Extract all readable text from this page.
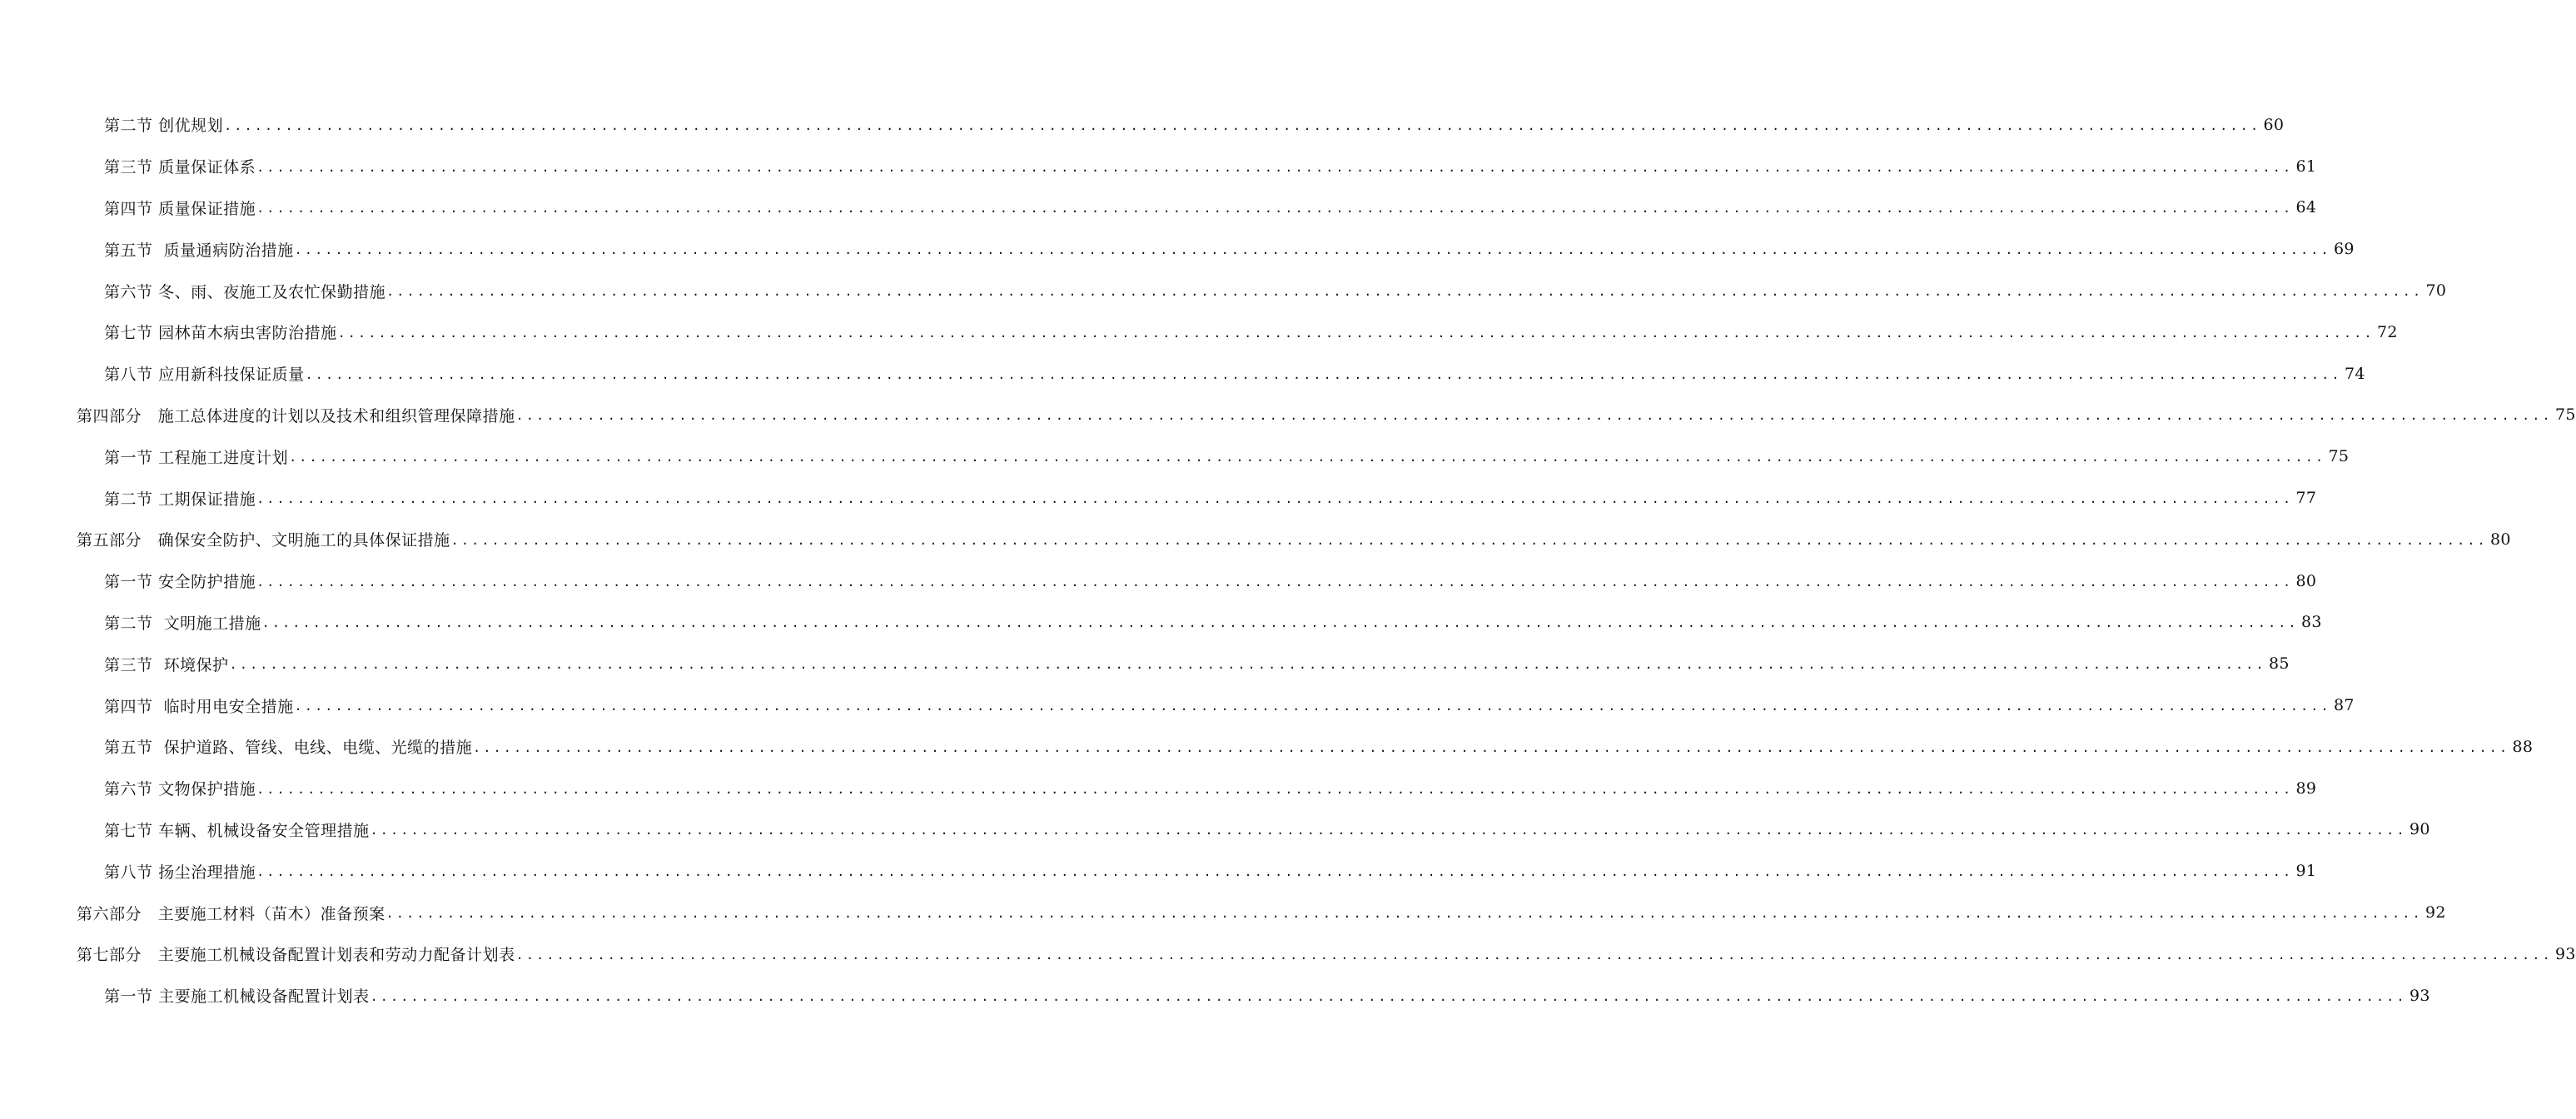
第二节 创优规划 ........................................................................................................................................................................................................ 60
第三节 质量保证体系 ........................................................................................................................................................................................................ 61
第四节 质量保证措施 ........................................................................................................................................................................................................ 64
第五节  质量通病防治措施 ........................................................................................................................................................................................................ 69
第六节 冬、雨、夜施工及农忙保勤措施 ........................................................................................................................................................................................................ 70
第七节 园林苗木病虫害防治措施 ........................................................................................................................................................................................................ 72
第八节 应用新科技保证质量 ........................................................................................................................................................................................................ 74
第四部分   施工总体进度的计划以及技术和组织管理保障措施 ........................................................................................................................................................................................................ 75
第一节 工程施工进度计划 ........................................................................................................................................................................................................ 75
第二节 工期保证措施 ........................................................................................................................................................................................................ 77
第五部分   确保安全防护、文明施工的具体保证措施 ........................................................................................................................................................................................................ 80
第一节 安全防护措施 ........................................................................................................................................................................................................ 80
第二节  文明施工措施 ........................................................................................................................................................................................................ 83
第三节  环境保护 ........................................................................................................................................................................................................ 85
第四节  临时用电安全措施 ........................................................................................................................................................................................................ 87
第五节  保护道路、管线、电线、电缆、光缆的措施 ........................................................................................................................................................................................................ 88
第六节 文物保护措施 ........................................................................................................................................................................................................ 89
第七节 车辆、机械设备安全管理措施 ........................................................................................................................................................................................................ 90
第八节 扬尘治理措施 ........................................................................................................................................................................................................ 91
第六部分   主要施工材料（苗木）准备预案 ........................................................................................................................................................................................................ 92
第七部分   主要施工机械设备配置计划表和劳动力配备计划表 ........................................................................................................................................................................................................ 93
第一节 主要施工机械设备配置计划表 ........................................................................................................................................................................................................ 93
